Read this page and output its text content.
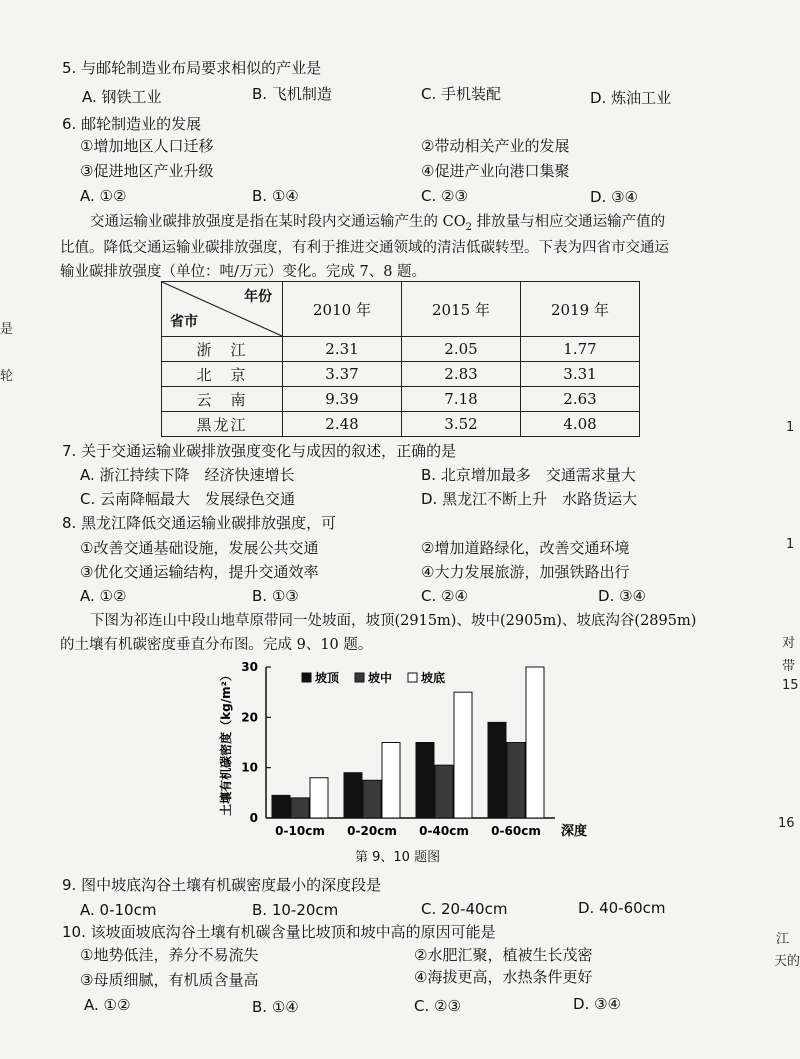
5. 与邮轮制造业布局要求相似的产业是
A. 钢铁工业	B. 飞机制造	C. 手机装配	D. 炼油工业
6. 邮轮制造业的发展
①增加地区人口迁移	②带动相关产业的发展
③促进地区产业升级	④促进产业向港口集聚
A. ①②	B. ①④	C. ②③	D. ③④
交通运输业碳排放强度是指在某时段内交通运输产生的 $CO_2$ 排放量与相应交通运输产值的
比值。降低交通运输业碳排放强度，有利于推进交通领域的清洁低碳转型。下表为四省市交通运
输业碳排放强度（单位：吨/万元）变化。完成 7、8 题。
年份
省市	2010 年	2015 年	2019 年
浙　江	2.31	2.05	1.77
北　京	3.37	2.83	3.31
云　南	9.39	7.18	2.63
黑龙江	2.48	3.52	4.08
7. 关于交通运输业碳排放强度变化与成因的叙述，正确的是
A. 浙江持续下降　经济快速增长	B. 北京增加最多　交通需求量大
C. 云南降幅最大　发展绿色交通	D. 黑龙江不断上升　水路货运大
8. 黑龙江降低交通运输业碳排放强度，可
①改善交通基础设施，发展公共交通	②增加道路绿化，改善交通环境
③优化交通运输结构，提升交通效率	④大力发展旅游，加强铁路出行
A. ①②	B. ①③	C. ②④	D. ③④
下图为祁连山中段山地草原带同一处坡面，坡顶(2915m)、坡中(2905m)、坡底沟谷(2895m)
的土壤有机碳密度垂直分布图。完成 9、10 题。
0
10
20
30
土壤有机碳密度（kg/m²）
0-10cm 0-20cm 0-40cm 0-60cm 深度
坡顶 坡中 坡底
第 9、10 题图
9. 图中坡底沟谷土壤有机碳密度最小的深度段是
A. 0-10cm	B. 10-20cm	C. 20-40cm	D. 40-60cm
10. 该坡面坡底沟谷土壤有机碳含量比坡顶和坡中高的原因可能是
①地势低洼，养分不易流失	②水肥汇聚，植被生长茂密
③母质细腻，有机质含量高	④海拔更高，水热条件更好
A. ①②	B. ①④	C. ②③	D. ③④
是
轮
1
1
对
带
15
16
江
天的
